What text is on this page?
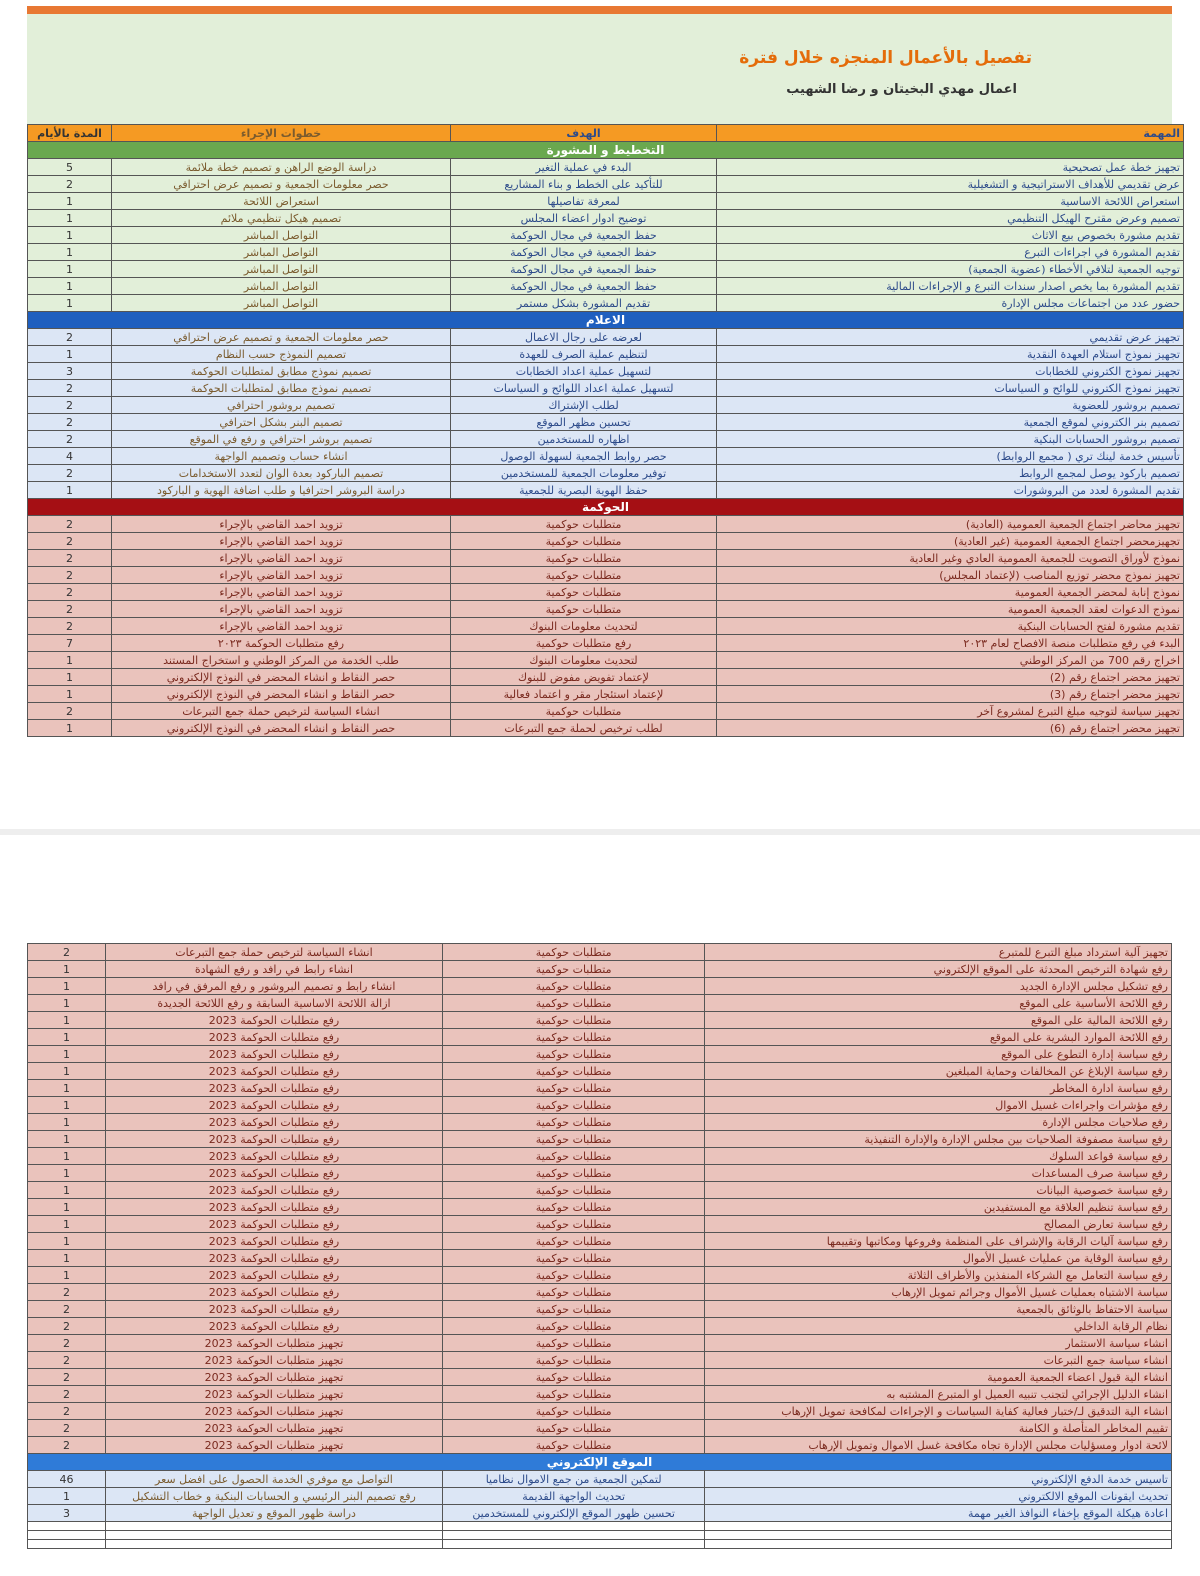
تفصيل بالأعمال المنجزه خلال فترة
اعمال مهدي البخيتان و رضا الشهيب
المهمة	الهدف	خطوات الإجراء	المدة بالأيام
التخطيط و المشورة			
تجهيز خطة عمل تصحيحية	البدء في عملية التغير	دراسة الوضع الراهن و تصميم خطة ملائمة	5
عرض تقديمي للأهداف الاستراتيجية و التشغيلية	للتأكيد على الخطط و بناء المشاريع	حصر معلومات الجمعية و تصميم عرض احترافي	2
استعراض اللائحة الاساسية	لمعرفة تفاصيلها	استعراض اللائحة	1
تصميم وعرض مقترح الهيكل التنظيمي	توضيح ادوار اعضاء المجلس	تصميم هيكل تنظيمي ملائم	1
تقديم مشورة بخصوص بيع الاثاث	حفظ الجمعية في مجال الحوكمة	التواصل المباشر	1
تقديم المشورة في اجراءات التبرع	حفظ الجمعية في مجال الحوكمة	التواصل المباشر	1
توجيه الجمعية لتلافي الأخطاء (عضوية الجمعية)	حفظ الجمعية في مجال الحوكمة	التواصل المباشر	1
تقديم المشورة بما يخص اصدار سندات التبرع و الإجراءات المالية	حفظ الجمعية في مجال الحوكمة	التواصل المباشر	1
حضور عدد من اجتماعات مجلس الإدارة	تقديم المشورة بشكل مستمر	التواصل المباشر	1
الاعلام			
تجهيز عرض تقديمي	لعرضه على رجال الاعمال	حصر معلومات الجمعية و تصميم عرض احترافي	2
تجهيز نموذج استلام العهدة النقدية	لتنظيم عملية الصرف للعهدة	تصميم النموذج حسب النظام	1
تجهيز نموذج الكتروني للخطابات	لتسهيل عملية اعداد الخطابات	تصميم نموذج مطابق لمتطلبات الحوكمة	3
تجهيز نموذج الكتروني للوائح و السياسات	لتسهيل عملية اعداد اللوائح و السياسات	تصميم نموذج مطابق لمتطلبات الحوكمة	2
تصميم بروشور للعضوية	لطلب الإشتراك	تصميم بروشور احترافي	2
تصميم بنر الكتروني لموقع الجمعية	تحسين مظهر الموقع	تصميم البنر بشكل احترافي	2
تصميم بروشور الحسابات البنكية	اظهاره للمستخدمين	تصميم بروشر احترافي و رفع في الموقع	2
تأسيس خدمة لينك تري ( مجمع الروابط)	حصر روابط الجمعية لسهولة الوصول	انشاء حساب وتصميم الواجهة	4
تصميم باركود يوصل لمجمع الروابط	توفير معلومات الجمعية للمستخدمين	تصميم الباركود بعدة الوان لتعدد الاستخدامات	2
تقديم المشورة لعدد من البروشورات	حفظ الهوية البصرية للجمعية	دراسة البروشر احترافيا و طلب اضافة الهوية و الباركود	1
الحوكمة			
تجهيز محاضر اجتماع الجمعية العمومية (العادية)	متطلبات حوكمية	تزويد احمد القاضي بالإجراء	2
تجهيزمحضر اجتماع الجمعية العمومية (غير العادية)	متطلبات حوكمية	تزويد احمد القاضي بالإجراء	2
نموذج لأوراق التصويت للجمعية العمومية العادي وغير العادية	متطلبات حوكمية	تزويد احمد القاضي بالإجراء	2
تجهيز نموذج محضر توزيع المناصب (لإعتماد المجلس)	متطلبات حوكمية	تزويد احمد القاضي بالإجراء	2
نموذج إنابة لمحضر الجمعية العمومية	متطلبات حوكمية	تزويد احمد القاضي بالإجراء	2
نموذج الدعوات لعقد الجمعية العمومية	متطلبات حوكمية	تزويد احمد القاضي بالإجراء	2
تقديم مشورة لفتح الحسابات البنكية	لتحديث معلومات البنوك	تزويد احمد القاضي بالإجراء	2
البدء في رفع متطلبات منصة الافصاح لعام ٢٠٢٣	رفع متطلبات حوكمية	رفع متطلبات الحوكمة ٢٠٢٣	7
اخراج رقم 700 من المركز الوطني	لتحديث معلومات البنوك	طلب الخدمة من المركز الوطني و استخراج المستند	1
تجهيز محضر اجتماع رقم (2)	لإعتماد تفويض مفوض للبنوك	حصر النقاط و انشاء المحضر في النوذج الإلكتروني	1
تجهيز محضر اجتماع رقم (3)	لإعتماد استئجار مقر و اعتماد فعالية	حصر النقاط و انشاء المحضر في النوذج الإلكتروني	1
تجهيز سياسة لتوجيه مبلغ التبرع لمشروع آخر	متطلبات حوكمية	انشاء السياسة لترخيص حملة جمع التبرعات	2
تجهيز محضر اجتماع رقم (6)	لطلب ترخيص لحملة جمع التبرعات	حصر النقاط و انشاء المحضر في النوذج الإلكتروني	1
تجهيز آلية استرداد مبلغ التبرع للمتبرع	متطلبات حوكمية	انشاء السياسة لترخيص حملة جمع التبرعات	2
رفع شهادة الترخيص المحدثة على الموقع الإلكتروني	متطلبات حوكمية	انشاء رابط في رافد و رفع الشهادة	1
رفع تشكيل مجلس الإدارة الجديد	متطلبات حوكمية	انشاء رابط و تصميم البروشور و رفع المرفق في رافد	1
رفع اللائحة الأساسية على الموقع	متطلبات حوكمية	ازالة اللائحة الاساسية السابقة و رفع اللائحة الجديدة	1
رفع اللائحة المالية على الموقع	متطلبات حوكمية	رفع متطلبات الحوكمة 2023	1
رفع اللائحة الموارد البشرية على الموقع	متطلبات حوكمية	رفع متطلبات الحوكمة 2023	1
رفع سياسة إدارة التطوع على الموقع	متطلبات حوكمية	رفع متطلبات الحوكمة 2023	1
رفع سياسة الإبلاغ عن المخالفات وحماية المبلغين	متطلبات حوكمية	رفع متطلبات الحوكمة 2023	1
رفع سياسة ادارة المخاطر	متطلبات حوكمية	رفع متطلبات الحوكمة 2023	1
رفع مؤشرات واجراءات غسيل الاموال	متطلبات حوكمية	رفع متطلبات الحوكمة 2023	1
رفع صلاحيات مجلس الإدارة	متطلبات حوكمية	رفع متطلبات الحوكمة 2023	1
رفع سياسة مصفوفة الصلاحيات بين مجلس الإدارة والإدارة التنفيذية	متطلبات حوكمية	رفع متطلبات الحوكمة 2023	1
رفع سياسة قواعد السلوك	متطلبات حوكمية	رفع متطلبات الحوكمة 2023	1
رفع سياسة صرف المساعدات	متطلبات حوكمية	رفع متطلبات الحوكمة 2023	1
رفع سياسة خصوصية البيانات	متطلبات حوكمية	رفع متطلبات الحوكمة 2023	1
رفع سياسة تنظيم العلاقة مع المستفيدين	متطلبات حوكمية	رفع متطلبات الحوكمة 2023	1
رفع سياسة تعارض المصالح	متطلبات حوكمية	رفع متطلبات الحوكمة 2023	1
رفع سياسة آليات الرقابة والإشراف على المنظمة وفروعها ومكاتبها وتقييمها	متطلبات حوكمية	رفع متطلبات الحوكمة 2023	1
رفع سياسة الوقاية من عمليات غسيل الأموال	متطلبات حوكمية	رفع متطلبات الحوكمة 2023	1
رفع سياسة التعامل مع الشركاء المنفذين والأطراف الثلاثة	متطلبات حوكمية	رفع متطلبات الحوكمة 2023	1
سياسة الاشتباه بعمليات غسيل الأموال وجرائم تمويل الإرهاب	متطلبات حوكمية	رفع متطلبات الحوكمة 2023	2
سياسة الاحتفاظ بالوثائق بالجمعية	متطلبات حوكمية	رفع متطلبات الحوكمة 2023	2
نظام الرقابة الداخلي	متطلبات حوكمية	رفع متطلبات الحوكمة 2023	2
انشاء سياسة الاستثمار	متطلبات حوكمية	تجهيز متطلبات الحوكمة 2023	2
انشاء سياسة جمع التبرعات	متطلبات حوكمية	تجهيز متطلبات الحوكمة 2023	2
انشاء الية قبول اعضاء الجمعية العمومية	متطلبات حوكمية	تجهيز متطلبات الحوكمة 2023	2
انشاء الدليل الإجرائي لتجنب تنبيه العميل او المتبرع المشتبه به	متطلبات حوكمية	تجهيز متطلبات الحوكمة 2023	2
انشاء الية التدقيق لـ/ختبار فعالية كفاية السياسات و الإجراءات لمكافحة تمويل الإرهاب	متطلبات حوكمية	تجهيز متطلبات الحوكمة 2023	2
تقييم المخاطر المتأصلة و الكامنة	متطلبات حوكمية	تجهيز متطلبات الحوكمة 2023	2
لائحة ادوار ومسؤليات مجلس الإدارة تجاه مكافحة غسل الاموال وتمويل الإرهاب	متطلبات حوكمية	تجهيز متطلبات الحوكمة 2023	2
الموقع الإلكتروني			
تاسيس خدمة الدفع الإلكتروني	لتمكين الجمعية من جمع الاموال نظاميا	التواصل مع موفري الخدمة الحصول على افضل سعر	46
تحديث ايقونات الموقع الالكتروني	تحديث الواجهة القديمة	رفع تصميم البنر الرئيسي و الحسابات البنكية و خطاب التشكيل	1
اعادة هيكلة الموقع بإخفاء النوافذ الغير مهمة	تحسين ظهور الموقع الإلكتروني للمستخدمين	دراسة ظهور الموقع و تعديل الواجهة	3
